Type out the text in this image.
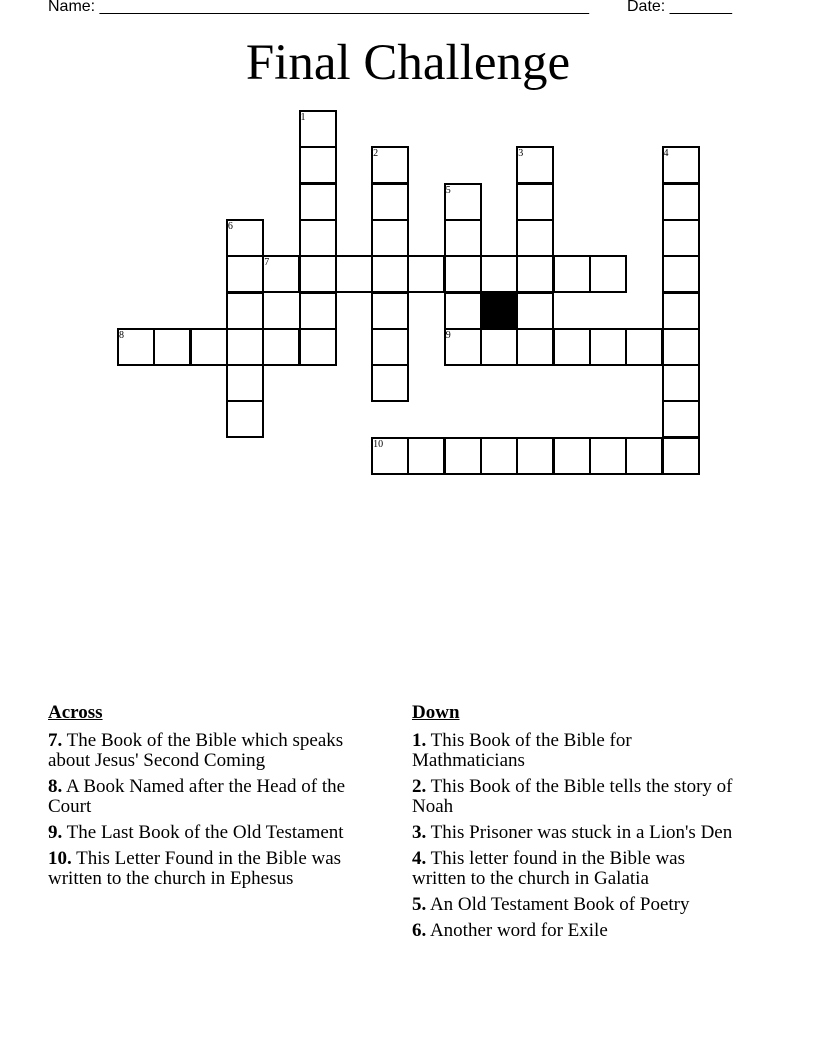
Name: _______________________________________________________ Date: _______
Final Challenge
1
2	3	4
5
6
7
8	9
10
Across
7. The Book of the Bible which speaks about Jesus' Second Coming
8. A Book Named after the Head of the Court
9. The Last Book of the Old Testament
10. This Letter Found in the Bible was written to the church in Ephesus
Down
1. This Book of the Bible for Mathmaticians
2. This Book of the Bible tells the story of Noah
3. This Prisoner was stuck in a Lion's Den
4. This letter found in the Bible was written to the church in Galatia
5. An Old Testament Book of Poetry
6. Another word for Exile
